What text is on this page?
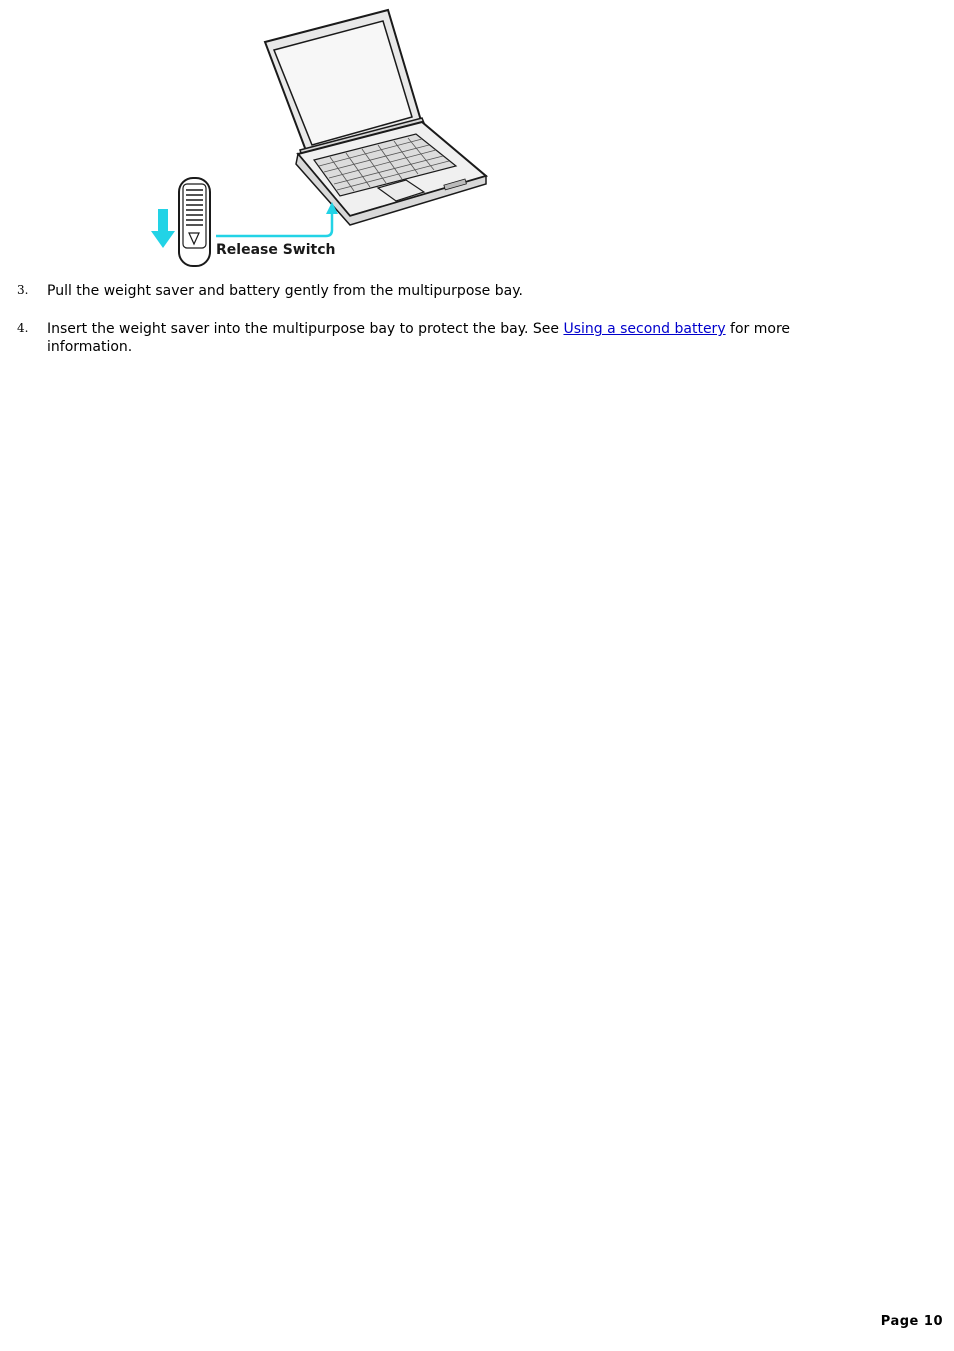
Release Switch
3. Pull the weight saver and battery gently from the multipurpose bay.
4. Insert the weight saver into the multipurpose bay to protect the bay. See Using a second battery for more information.
Page 10
